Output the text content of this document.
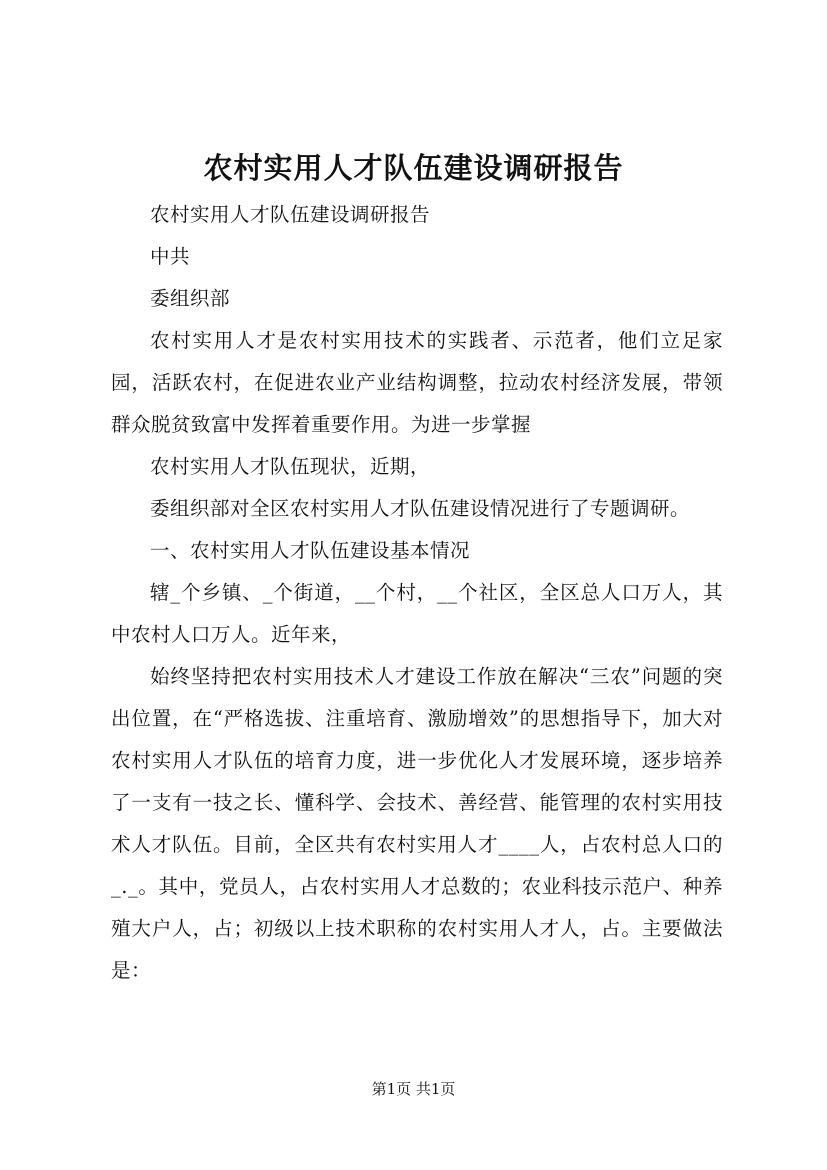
农村实用人才队伍建设调研报告

农村实用人才队伍建设调研报告

中共

委组织部

农村实用人才是农村实用技术的实践者、示范者，他们立足家园，活跃农村，在促进农业产业结构调整，拉动农村经济发展，带领群众脱贫致富中发挥着重要作用。为进一步掌握

农村实用人才队伍现状，近期，

委组织部对全区农村实用人才队伍建设情况进行了专题调研。

一、农村实用人才队伍建设基本情况

辖_个乡镇、_个街道，__个村，__个社区，全区总人口万人，其中农村人口万人。近年来，

始终坚持把农村实用技术人才建设工作放在解决“三农”问题的突出位置，在“严格选拔、注重培育、激励增效”的思想指导下，加大对农村实用人才队伍的培育力度，进一步优化人才发展环境，逐步培养了一支有一技之长、懂科学、会技术、善经营、能管理的农村实用技术人才队伍。目前，全区共有农村实用人才____人，占农村总人口的_._。其中，党员人，占农村实用人才总数的；农业科技示范户、种养殖大户人，占；初级以上技术职称的农村实用人才人，占。主要做法是：

第1页 共1页
